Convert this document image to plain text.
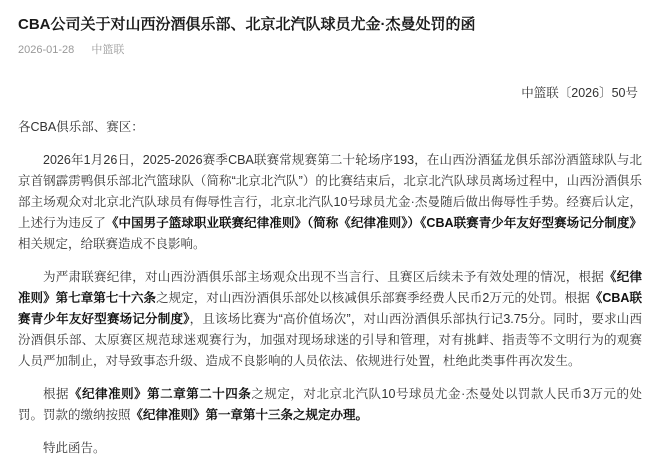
CBA公司关于对山西汾酒俱乐部、北京北汽队球员尤金·杰曼处罚的函
2026-01-28 　 中篮联
中篮联〔2026〕50号
各CBA俱乐部、赛区：
2026年1月26日，2025-2026赛季CBA联赛常规赛第二十轮场序193，在山西汾酒猛龙俱乐部汾酒篮球队与北京首钢霹雳鸭俱乐部北汽篮球队（简称“北京北汽队”）的比赛结束后，北京北汽队球员离场过程中，山西汾酒俱乐部主场观众对北京北汽队球员有侮辱性言行，北京北汽队10号球员尤金·杰曼随后做出侮辱性手势。经赛后认定，上述行为违反了《中国男子篮球职业联赛纪律准则》（简称《纪律准则》）《CBA联赛青少年友好型赛场记分制度》相关规定，给联赛造成不良影响。
为严肃联赛纪律，对山西汾酒俱乐部主场观众出现不当言行、且赛区后续未予有效处理的情况，根据《纪律准则》第七章第七十六条之规定，对山西汾酒俱乐部处以核减俱乐部赛季经费人民币2万元的处罚。根据《CBA联赛青少年友好型赛场记分制度》，且该场比赛为“高价值场次”，对山西汾酒俱乐部执行记3.75分。同时，要求山西汾酒俱乐部、太原赛区规范球迷观赛行为，加强对现场球迷的引导和管理，对有挑衅、指责等不文明行为的观赛人员严加制止，对导致事态升级、造成不良影响的人员依法、依规进行处置，杜绝此类事件再次发生。
根据《纪律准则》第二章第二十四条之规定，对北京北汽队10号球员尤金·杰曼处以罚款人民币3万元的处罚。罚款的缴纳按照《纪律准则》第一章第十三条之规定办理。
特此函告。
